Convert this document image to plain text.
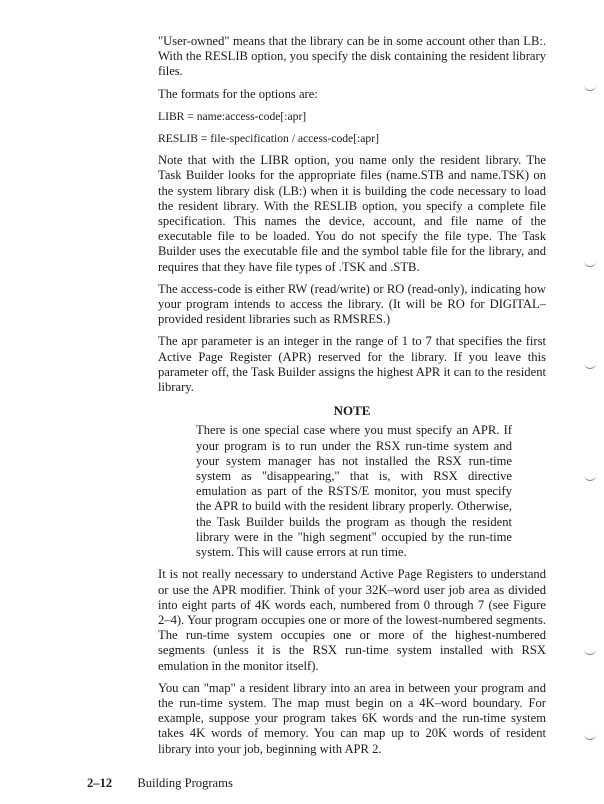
"User-owned" means that the library can be in some account other than LB:. With the RESLIB option, you specify the disk containing the resident library files.

The formats for the options are:

LIBR = name:access-code[:apr]

RESLIB = file-specification / access-code[:apr]

Note that with the LIBR option, you name only the resident library. The Task Builder looks for the appropriate files (name.STB and name.TSK) on the system library disk (LB:) when it is building the code necessary to load the resident library. With the RESLIB option, you specify a complete file specification. This names the device, account, and file name of the executable file to be loaded. You do not specify the file type. The Task Builder uses the executable file and the symbol table file for the library, and requires that they have file types of .TSK and .STB.

The access-code is either RW (read/write) or RO (read-only), indicating how your program intends to access the library. (It will be RO for DIGITAL– provided resident libraries such as RMSRES.)

The apr parameter is an integer in the range of 1 to 7 that specifies the first Active Page Register (APR) reserved for the library. If you leave this parameter off, the Task Builder assigns the highest APR it can to the resident library.

NOTE

There is one special case where you must specify an APR. If your program is to run under the RSX run-time system and your system manager has not installed the RSX run-time system as "disappearing," that is, with RSX directive emulation as part of the RSTS/E monitor, you must specify the APR to build with the resident library properly. Otherwise, the Task Builder builds the program as though the resident library were in the "high segment" occupied by the run-time system. This will cause errors at run time.

It is not really necessary to understand Active Page Registers to understand or use the APR modifier. Think of your 32K–word user job area as divided into eight parts of 4K words each, numbered from 0 through 7 (see Figure 2–4). Your program occupies one or more of the lowest-numbered segments. The run-time system occupies one or more of the highest-numbered segments (unless it is the RSX run-time system installed with RSX emulation in the monitor itself).

You can "map" a resident library into an area in between your program and the run-time system. The map must begin on a 4K–word boundary. For example, suppose your program takes 6K words and the run-time system takes 4K words of memory. You can map up to 20K words of resident library into your job, beginning with APR 2.

2–12 Building Programs
